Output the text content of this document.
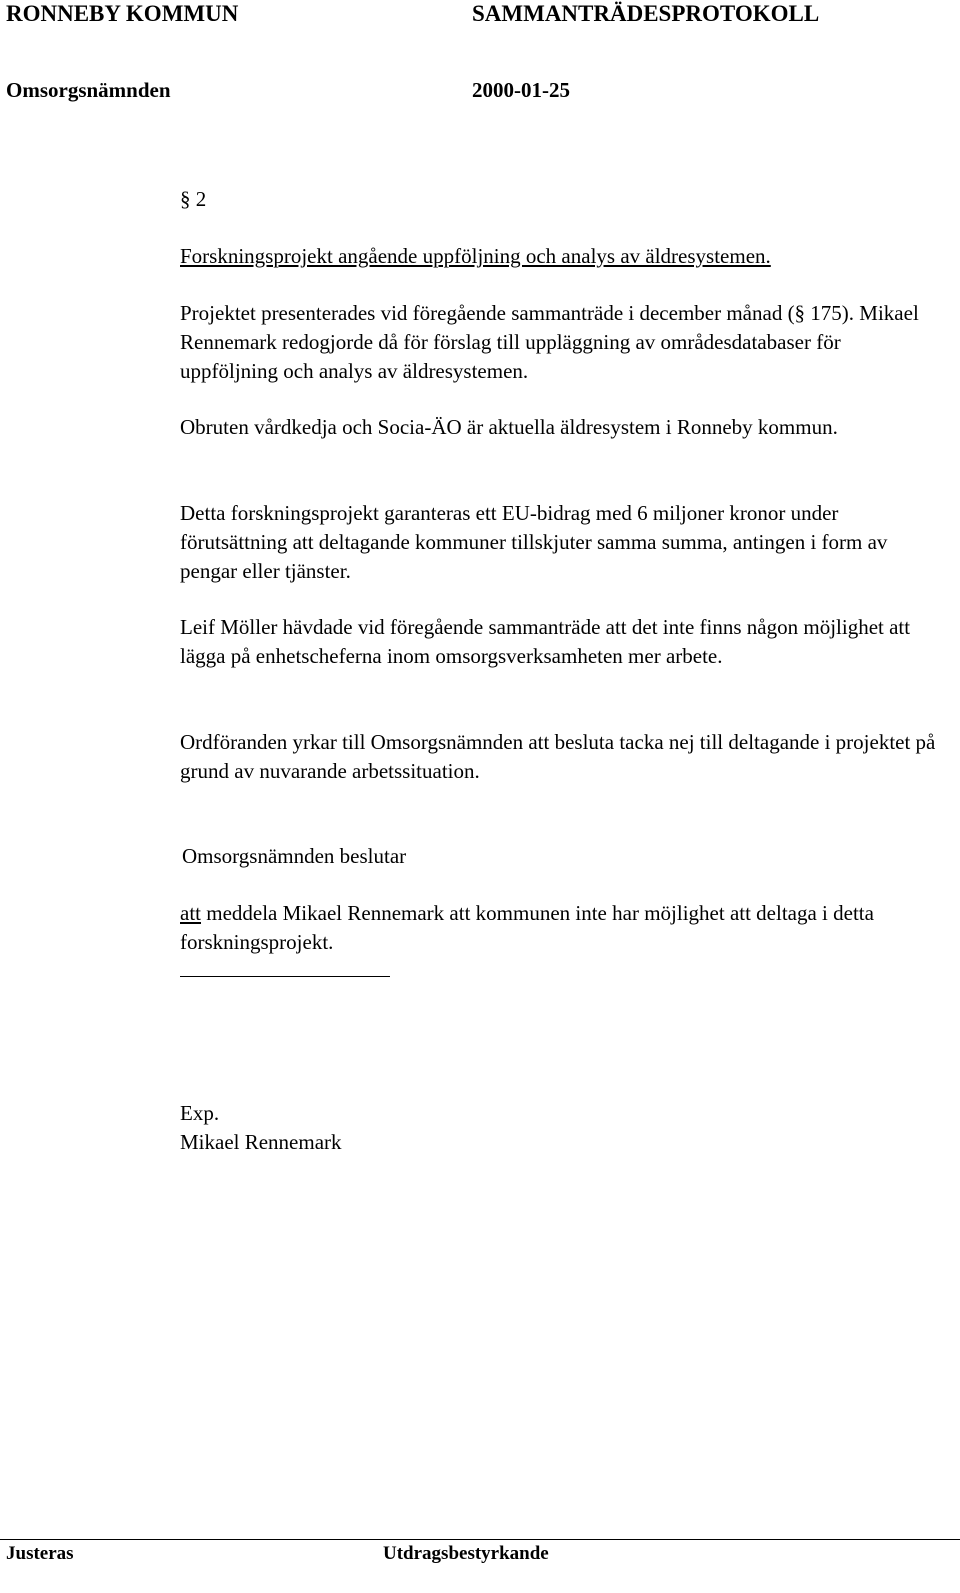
RONNEBY KOMMUN	SAMMANTRÄDESPROTOKOLL
Omsorgsnämnden	2000-01-25
§ 2
Forskningsprojekt angående uppföljning och analys av äldresystemen.

Projektet presenterades vid föregående sammanträde i december månad (§ 175). Mikael Rennemark redogjorde då för förslag till uppläggning av områdesdatabaser för uppföljning och analys av äldresystemen.

Obruten vårdkedja och Socia-ÄO är aktuella äldresystem i Ronneby kommun.

Detta forskningsprojekt garanteras ett EU-bidrag med 6 miljoner kronor under förutsättning att deltagande kommuner tillskjuter samma summa, antingen i form av pengar eller tjänster.

Leif Möller hävdade vid föregående sammanträde att det inte finns någon möjlighet att lägga på enhetscheferna inom omsorgsverksamheten mer arbete.

Ordföranden yrkar till Omsorgsnämnden att besluta tacka nej till deltagande i projektet på grund av nuvarande arbetssituation.

Omsorgsnämnden beslutar

att meddela Mikael Rennemark att kommunen inte har möjlighet att deltaga i detta forskningsprojekt.

Exp.
Mikael Rennemark
Justeras	Utdragsbestyrkande
